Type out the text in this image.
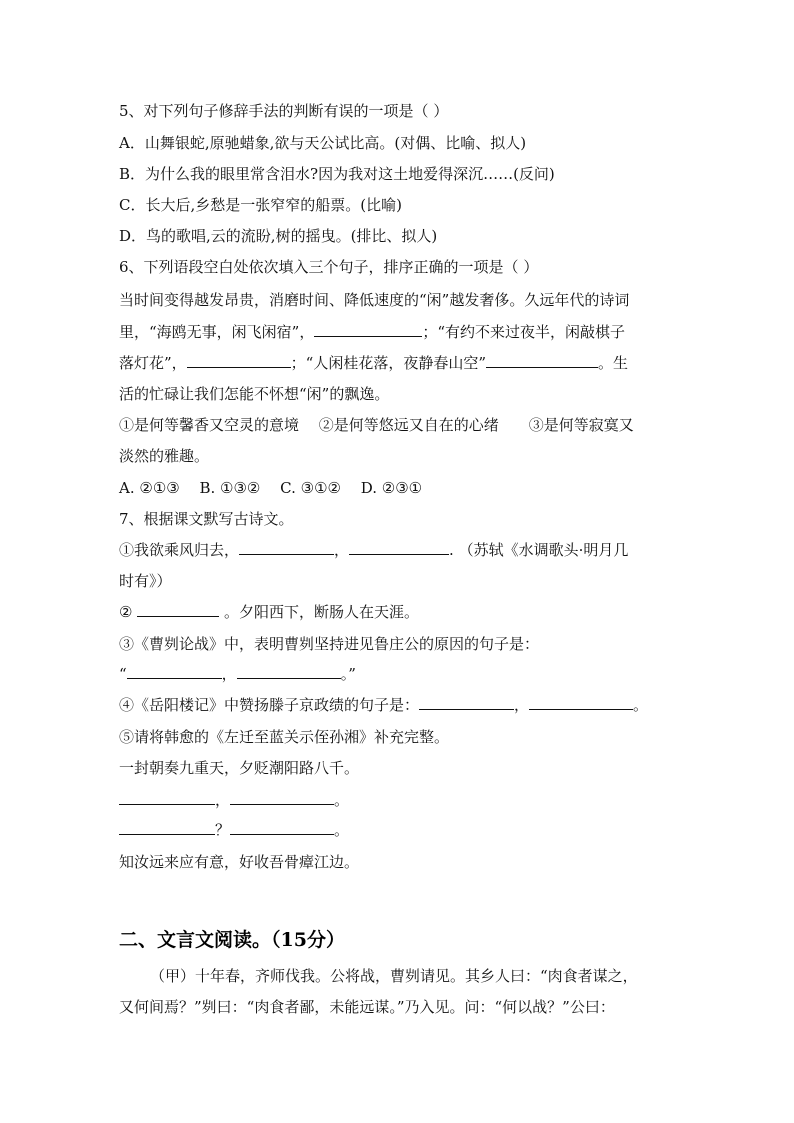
5、对下列句子修辞手法的判断有误的一项是（ ）
A．山舞银蛇,原驰蜡象,欲与天公试比高。(对偶、比喻、拟人)
B．为什么我的眼里常含泪水?因为我对这土地爱得深沉……(反问)
C．长大后,乡愁是一张窄窄的船票。(比喻)
D．鸟的歌唱,云的流盼,树的摇曳。(排比、拟人)
6、下列语段空白处依次填入三个句子，排序正确的一项是（ ）
当时间变得越发昂贵，消磨时间、降低速度的“闲”越发奢侈。久远年代的诗词
里，“海鸥无事，闲飞闲宿”，	；“有约不来过夜半，闲敲棋子
落灯花”，	；“人闲桂花落，夜静春山空”	。生
活的忙碌让我们怎能不怀想“闲”的飘逸。
①是何等馨香又空灵的意境　 ②是何等悠远又自在的心绪　　③是何等寂寞又
淡然的雅趣。
A. ②①③　 B. ①③②　 C. ③①②　 D. ②③①
7、根据课文默写古诗文。
①我欲乘风归去，	，	. （苏轼《水调歌头·明月几
时有》）
②	。夕阳西下，断肠人在天涯。
③《曹刿论战》中，表明曹刿坚持进见鲁庄公的原因的句子是：
“	，	。”
④《岳阳楼记》中赞扬滕子京政绩的句子是：	，	。
⑤请将韩愈的《左迁至蓝关示侄孙湘》补充完整。
一封朝奏九重天，夕贬潮阳路八千。
，	。
？	。
知汝远来应有意，好收吾骨瘴江边。
二、文言文阅读。（15分）
（甲）十年春，齐师伐我。公将战，曹刿请见。其乡人曰：“肉食者谋之，
又何间焉？”刿曰：“肉食者鄙，未能远谋。”乃入见。问：“何以战？”公曰：
